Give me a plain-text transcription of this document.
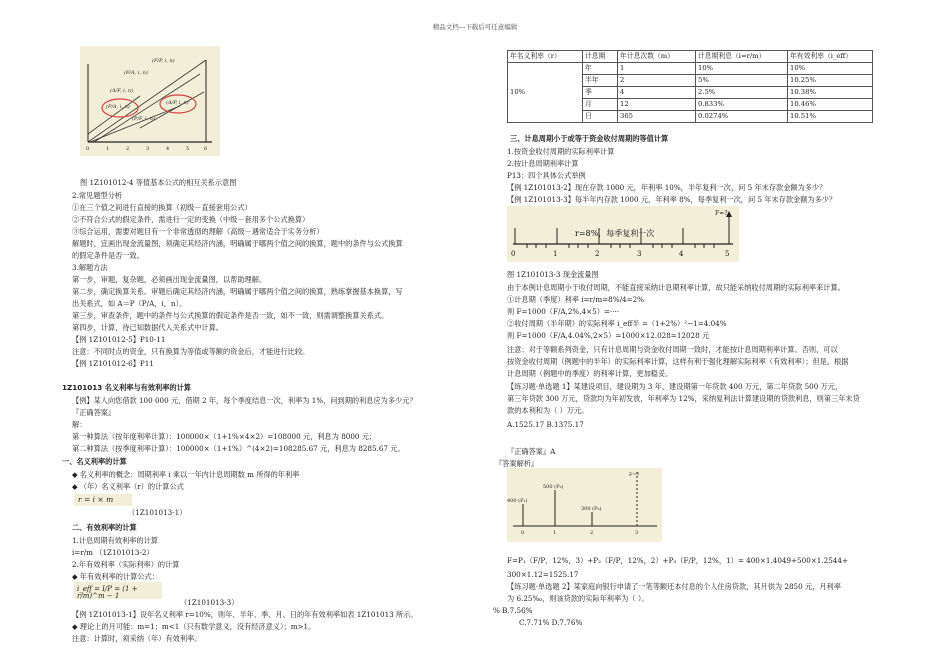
精品文档---下载后可任意编辑
(F/P, i, n)
(F/A, i, n)
(A/F, i, n)
(P/A, i, n)
(A/P, i, n)
(P/F, i, n)
0	1	2	3	4	5	6
图 1Z101012-4 等值基本公式的相互关系示意图
2.常见题型分析
①在三个值之间进行直接的换算（初级－直接套用公式）
②不符合公式的假定条件，需进行一定的变换（中级－套用多个公式换算）
③综合运用，需要对题目有一个非常透彻的理解（高级－遇常适合于实务分析）
解题时，宜画出现金流量图，须确定其经济内涵，明确属于哪两个值之间的换算，题中的条件与公式换算
的假定条件是否一致。
3.解题方法
第一步，审题，复杂题，必须画出现金流量图，以帮助理解。
第二步，确定换算关系。审题后确定其经济内涵，明确属于哪两个值之间的换算，熟练掌握基本换算，写
出关系式，如 A＝P（P/A，i，n）。
第三步，审查条件，题中的条件与公式换算的假定条件是否一致，如不一致，则需调整换算关系式。
第四步，计算，待已知数据代入关系式中计算。
【例 1Z101012-5】P10-11
注意：不同时点的资金，只有换算为等值或等额的资金后，才能进行比较。
【例 1Z101012-6】P11
1Z101013 名义利率与有效利率的计算
【例】某人向您借款 100 000 元，借期 2 年，每个季度结息一次，利率为 1%，问到期的利息应为多少元？
『正确答案』
解：
第一种算法（按年度利率计算）：100000×（1+1%×4×2）=108000 元，利息为 8000 元；
第二种算法（按季度利率计算）：100000×（1+1%）^(4×2)=108285.67 元，利息为 8285.67 元。
一、名义利率的计算
◆ 名义利率的概念：周期利率 i 乘以一年内计息周期数 m 所得的年利率
◆ （年）名义利率（r）的计算公式
r = i × m
（1Z101013-1）
二、有效利率的计算
1.计息周期有效利率的计算
i=r/m （1Z101013-2）
2.年有效利率（实际利率）的计算
◆ 年有效利率的计算公式：
i_eff = I/P = (1 + r/m)^m − 1
（1Z101013-3）
【例 1Z101013-1】设年名义利率 r=10%，则年、半年、季、月、日的年有效利率如表 1Z101013 所示。
◆ 理论上的月可能：m=1；m<1（只有数学意义，没有经济意义）；m>1。
注意：计算时，须采纳（年）有效利率。
年名义利率（r）	计息期	年计息次数（m）	计息期利息（i=r/m）	年有效利率（i_eff）
10%	年	1	10%	10%
	半年	2	5%	10.25%
	季	4	2.5%	10.38%
	月	12	0.833%	10.46%
	日	365	0.0274%	10.51%
三、计息周期小于或等于资金收付周期的等值计算
1.按资金收付周期的实际利率计算
2.按计息周期利率计算
P13：四个具体公式举例
【例 1Z101013-2】现在存款 1000 元，年利率 10%，半年复利一次，问 5 年末存款金额为多少？
【例 1Z101013-3】每半年内存款 1000 元，年利率 8%，每季复利一次，问 5 年末存款金额为多少？
F=?
r=8%，每季复利一次
0	1	2	3	4	5
图 1Z101013-3 现金流量图
由于本例计息周期小于收付周期，不能直接采纳计息期利率计算，故只能采纳收付周期的实际利率来计算。
①计息期（季度）利率 i=r/m=8%/4=2%
则 F=1000（F/A,2%,4×5）=····
②收付周期（半年期）的实际利率 i_eff半 =（1+2%）²−1=4.04%
则 F=1000（F/A,4.04%,2×5）=1000×12.028=12028 元
注意：对于等额系列资金，只有计息周期与资金收付周期一致时，才能按计息周期利率计算。否则，可以
按资金收付周期（例题中的半年）的实际利率计算，这样有利于强化理解实际利率（有效利率）；但是，根据
计息周期（例题中的季度）的利率计算，更加稳妥。
【练习题·单选题 1】某建设项目，建设期为 3 年，建设期第一年贷款 400 万元，第二年贷款 500 万元，
第三年贷款 300 万元，贷款均为年初发放，年利率为 12%，采纳复利法计算建设期的贷款利息，则第三年末贷
款的本利和为（ ）万元。
A.1525.17 B.1375.17
『正确答案』A
『答案解析』
400 (P₁)
500 (P₂)
300 (P₃)
F=?
0	1	2	3
F=P₁（F/P，12%，3）+P₂（F/P，12%，2）+P₃（F/P，12%，1）= 400×1.4049+500×1.2544+
300×1.12=1525.17
【练习题·单选题 2】某家庭向银行申请了一笔等额还本付息的个人住房贷款，其月供为 2850 元，月利率
为 6.25‰，则该贷款的实际年利率为（ ）。
% B.7.56%
C.7.71% D.7.76%
